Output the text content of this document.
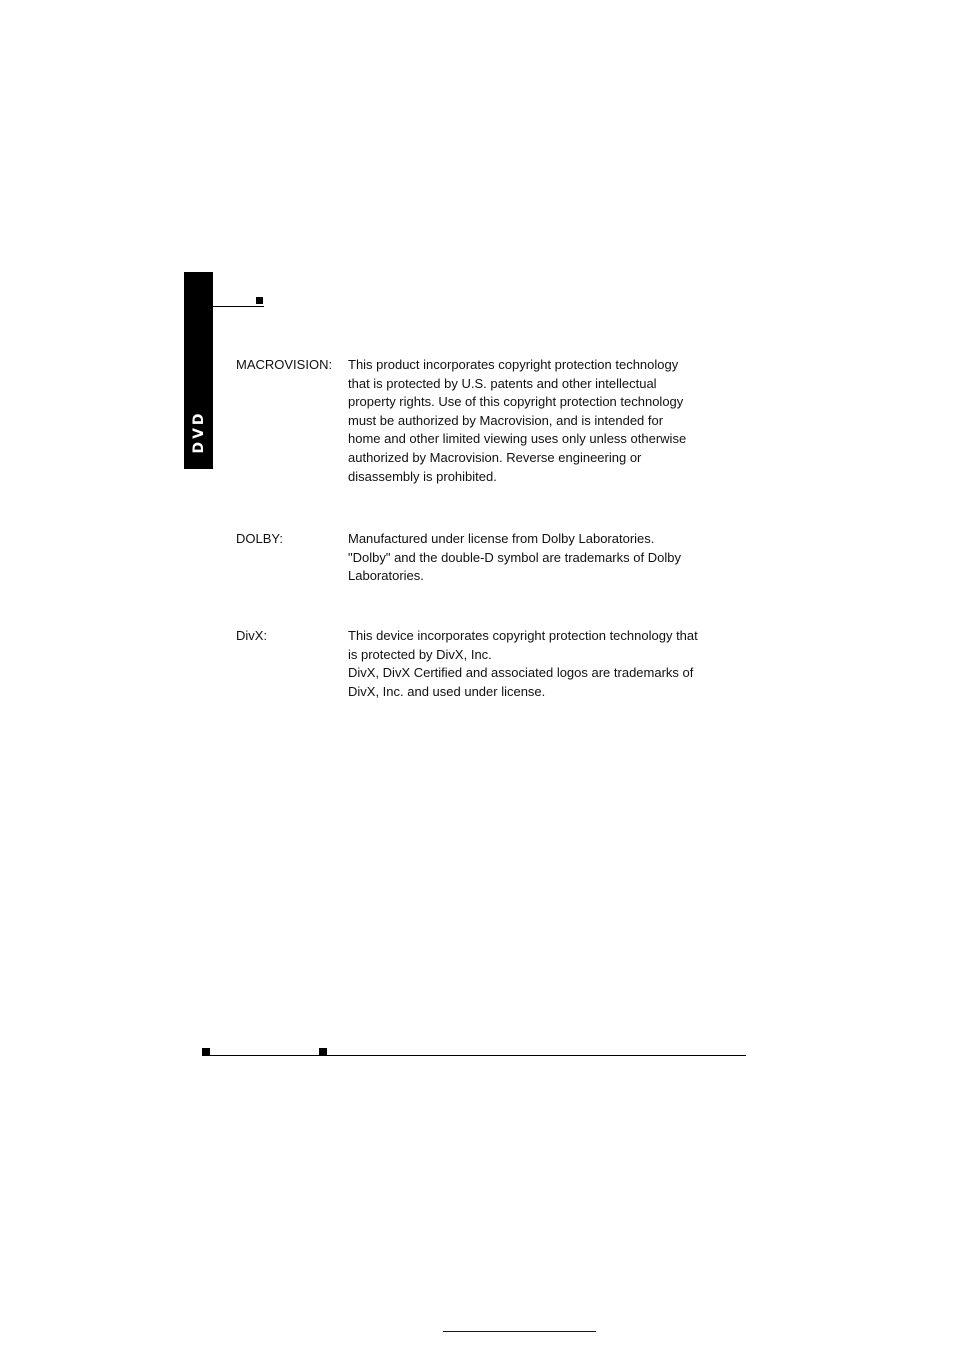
DVD
MACROVISION: This product incorporates copyright protection technology
that is protected by U.S. patents and other intellectual
property rights. Use of this copyright protection technology
must be authorized by Macrovision, and is intended for
home and other limited viewing uses only unless otherwise
authorized by Macrovision. Reverse engineering or
disassembly is prohibited.

DOLBY:	Manufactured under license from Dolby Laboratories.
"Dolby" and the double-D symbol are trademarks of Dolby
Laboratories.

DivX:	This device incorporates copyright protection technology that
is protected by DivX, Inc.
DivX, DivX Certified and associated logos are trademarks of
DivX, Inc. and used under license.
